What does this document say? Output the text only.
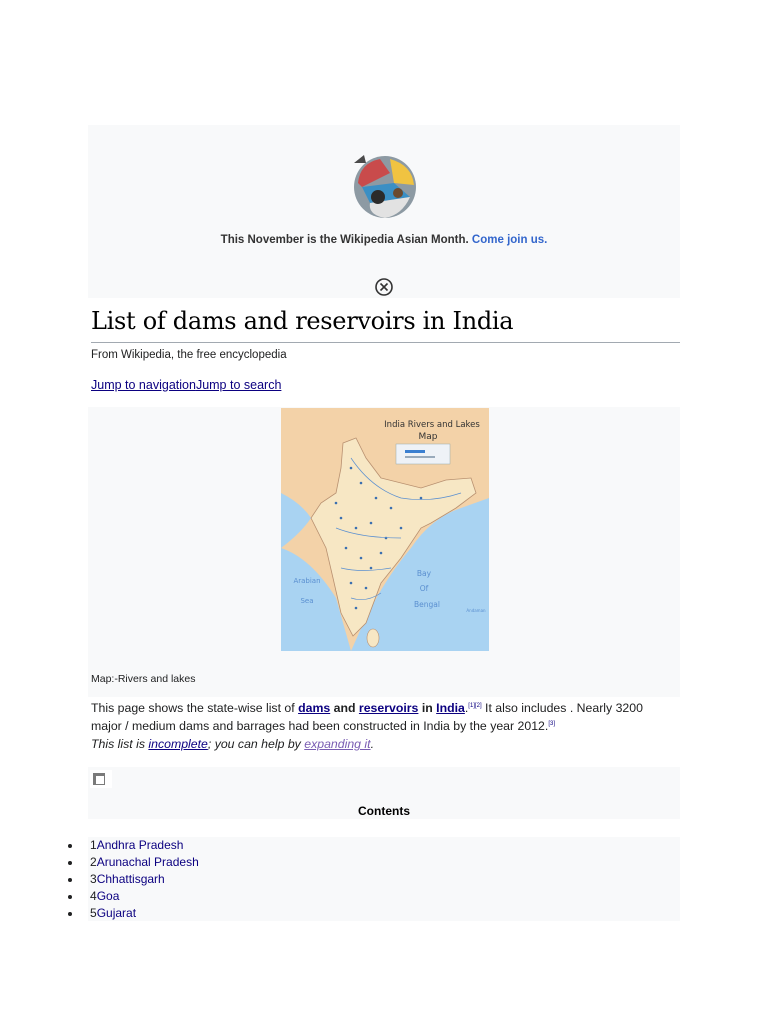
This November is the Wikipedia Asian Month. Come join us.
List of dams and reservoirs in India
From Wikipedia, the free encyclopedia
Jump to navigationJump to search
India Rivers and Lakes
Map
Arabian
Sea
Bay
Of
Bengal
Andaman
Map:-Rivers and lakes
This page shows the state-wise list of dams and reservoirs in India.[1][2] It also includes . Nearly 3200 major / medium dams and barrages had been constructed in India by the year 2012.[3]
This list is incomplete; you can help by expanding it.
Contents
1Andhra Pradesh
2Arunachal Pradesh
3Chhattisgarh
4Goa
5Gujarat
